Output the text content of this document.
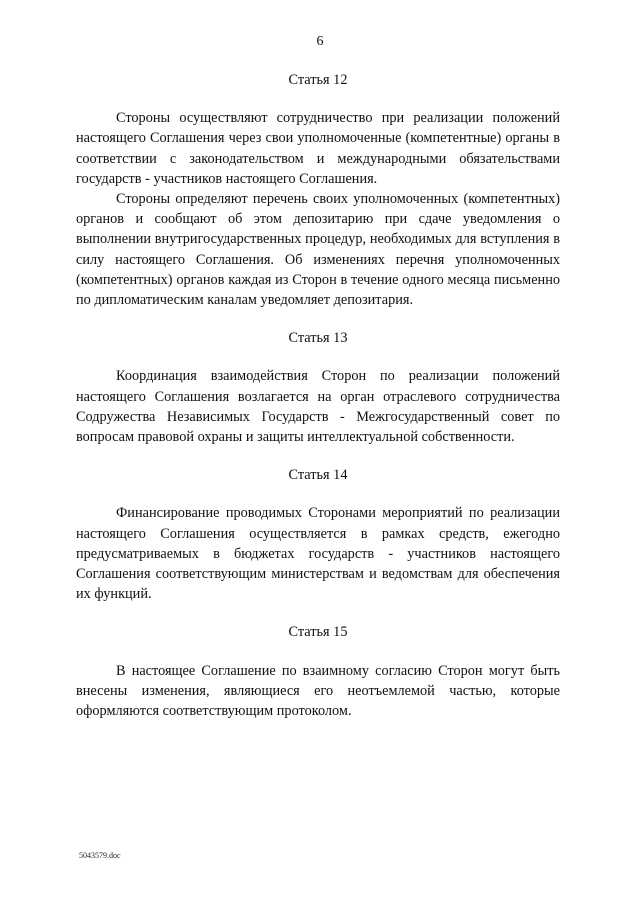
6

Статья 12

Стороны осуществляют сотрудничество при реализации положений настоящего Соглашения через свои уполномоченные (компетентные) органы в соответствии с законодательством и международными обязательствами государств - участников настоящего Соглашения.

Стороны определяют перечень своих уполномоченных (компетентных) органов и сообщают об этом депозитарию при сдаче уведомления о выполнении внутригосударственных процедур, необходимых для вступления в силу настоящего Соглашения. Об изменениях перечня уполномоченных (компетентных) органов каждая из Сторон в течение одного месяца письменно по дипломатическим каналам уведомляет депозитария.

Статья 13

Координация взаимодействия Сторон по реализации положений настоящего Соглашения возлагается на орган отраслевого сотрудничества Содружества Независимых Государств - Межгосударственный совет по вопросам правовой охраны и защиты интеллектуальной собственности.

Статья 14

Финансирование проводимых Сторонами мероприятий по реализации настоящего Соглашения осуществляется в рамках средств, ежегодно предусматриваемых в бюджетах государств - участников настоящего Соглашения соответствующим министерствам и ведомствам для обеспечения их функций.

Статья 15

В настоящее Соглашение по взаимному согласию Сторон могут быть внесены изменения, являющиеся его неотъемлемой частью, которые оформляются соответствующим протоколом.

5043579.doc
